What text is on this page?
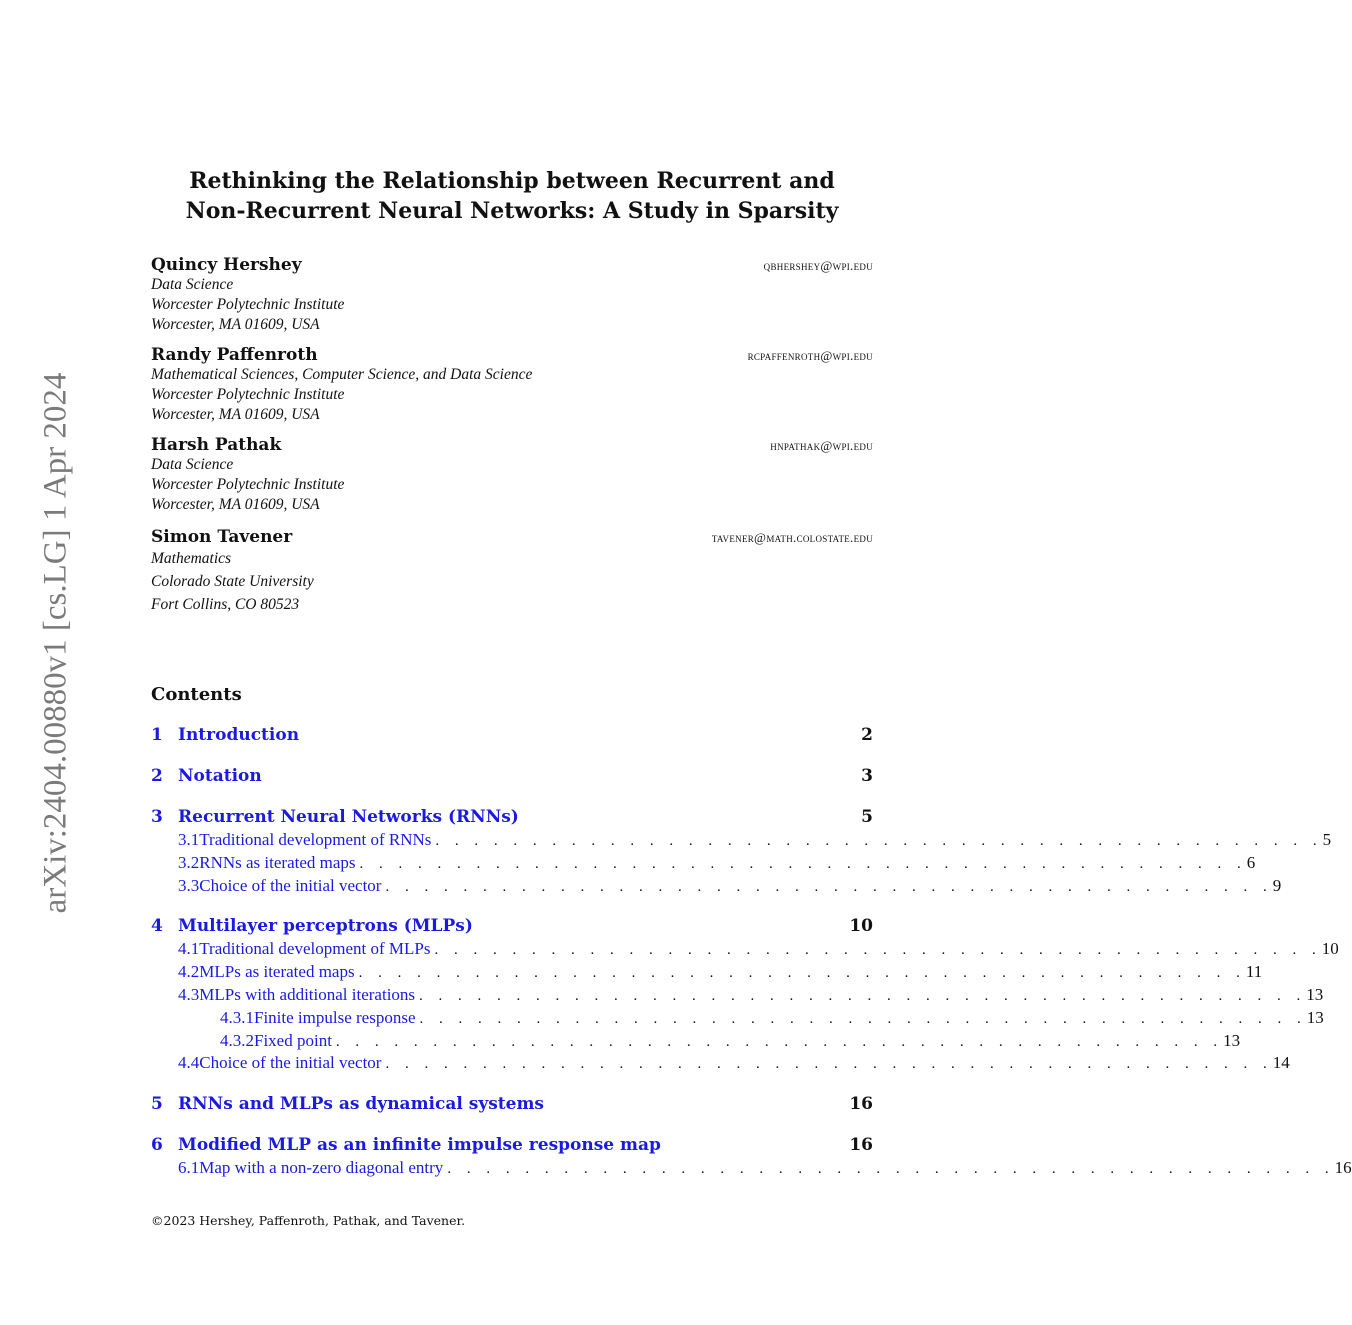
arXiv:2404.00880v1 [cs.LG] 1 Apr 2024
Rethinking the Relationship between Recurrent and
Non-Recurrent Neural Networks: A Study in Sparsity
Quincy Hershey	qbhershey@wpi.edu
Data Science
Worcester Polytechnic Institute
Worcester, MA 01609, USA
Randy Paffenroth	rcpaffenroth@wpi.edu
Mathematical Sciences, Computer Science, and Data Science
Worcester Polytechnic Institute
Worcester, MA 01609, USA
Harsh Pathak	hnpathak@wpi.edu
Data Science
Worcester Polytechnic Institute
Worcester, MA 01609, USA
Simon Tavener	tavener@math.colostate.edu
Mathematics
Colorado State University
Fort Collins, CO 80523
Contents
1 Introduction	2
2 Notation	3
3 Recurrent Neural Networks (RNNs)	5
3.1 Traditional development of RNNs . . . . . . . . . . . . . . . . . . . . . . . . . . . . . . . . . . . . . . . . . . . . . . 5
3.2 RNNs as iterated maps . . . . . . . . . . . . . . . . . . . . . . . . . . . . . . . . . . . . . . . . . . . . . . 6
3.3 Choice of the initial vector . . . . . . . . . . . . . . . . . . . . . . . . . . . . . . . . . . . . . . . . . . . . . . 9
4 Multilayer perceptrons (MLPs)	10
4.1 Traditional development of MLPs . . . . . . . . . . . . . . . . . . . . . . . . . . . . . . . . . . . . . . . . . . . . . . 10
4.2 MLPs as iterated maps . . . . . . . . . . . . . . . . . . . . . . . . . . . . . . . . . . . . . . . . . . . . . . 11
4.3 MLPs with additional iterations . . . . . . . . . . . . . . . . . . . . . . . . . . . . . . . . . . . . . . . . . . . . . . 13
4.3.1 Finite impulse response . . . . . . . . . . . . . . . . . . . . . . . . . . . . . . . . . . . . . . . . . . . . . . 13
4.3.2 Fixed point . . . . . . . . . . . . . . . . . . . . . . . . . . . . . . . . . . . . . . . . . . . . . . 13
4.4 Choice of the initial vector . . . . . . . . . . . . . . . . . . . . . . . . . . . . . . . . . . . . . . . . . . . . . . 14
5 RNNs and MLPs as dynamical systems	16
6 Modified MLP as an infinite impulse response map	16
6.1 Map with a non-zero diagonal entry . . . . . . . . . . . . . . . . . . . . . . . . . . . . . . . . . . . . . . . . . . . . . . 16
©2023 Hershey, Paffenroth, Pathak, and Tavener.
